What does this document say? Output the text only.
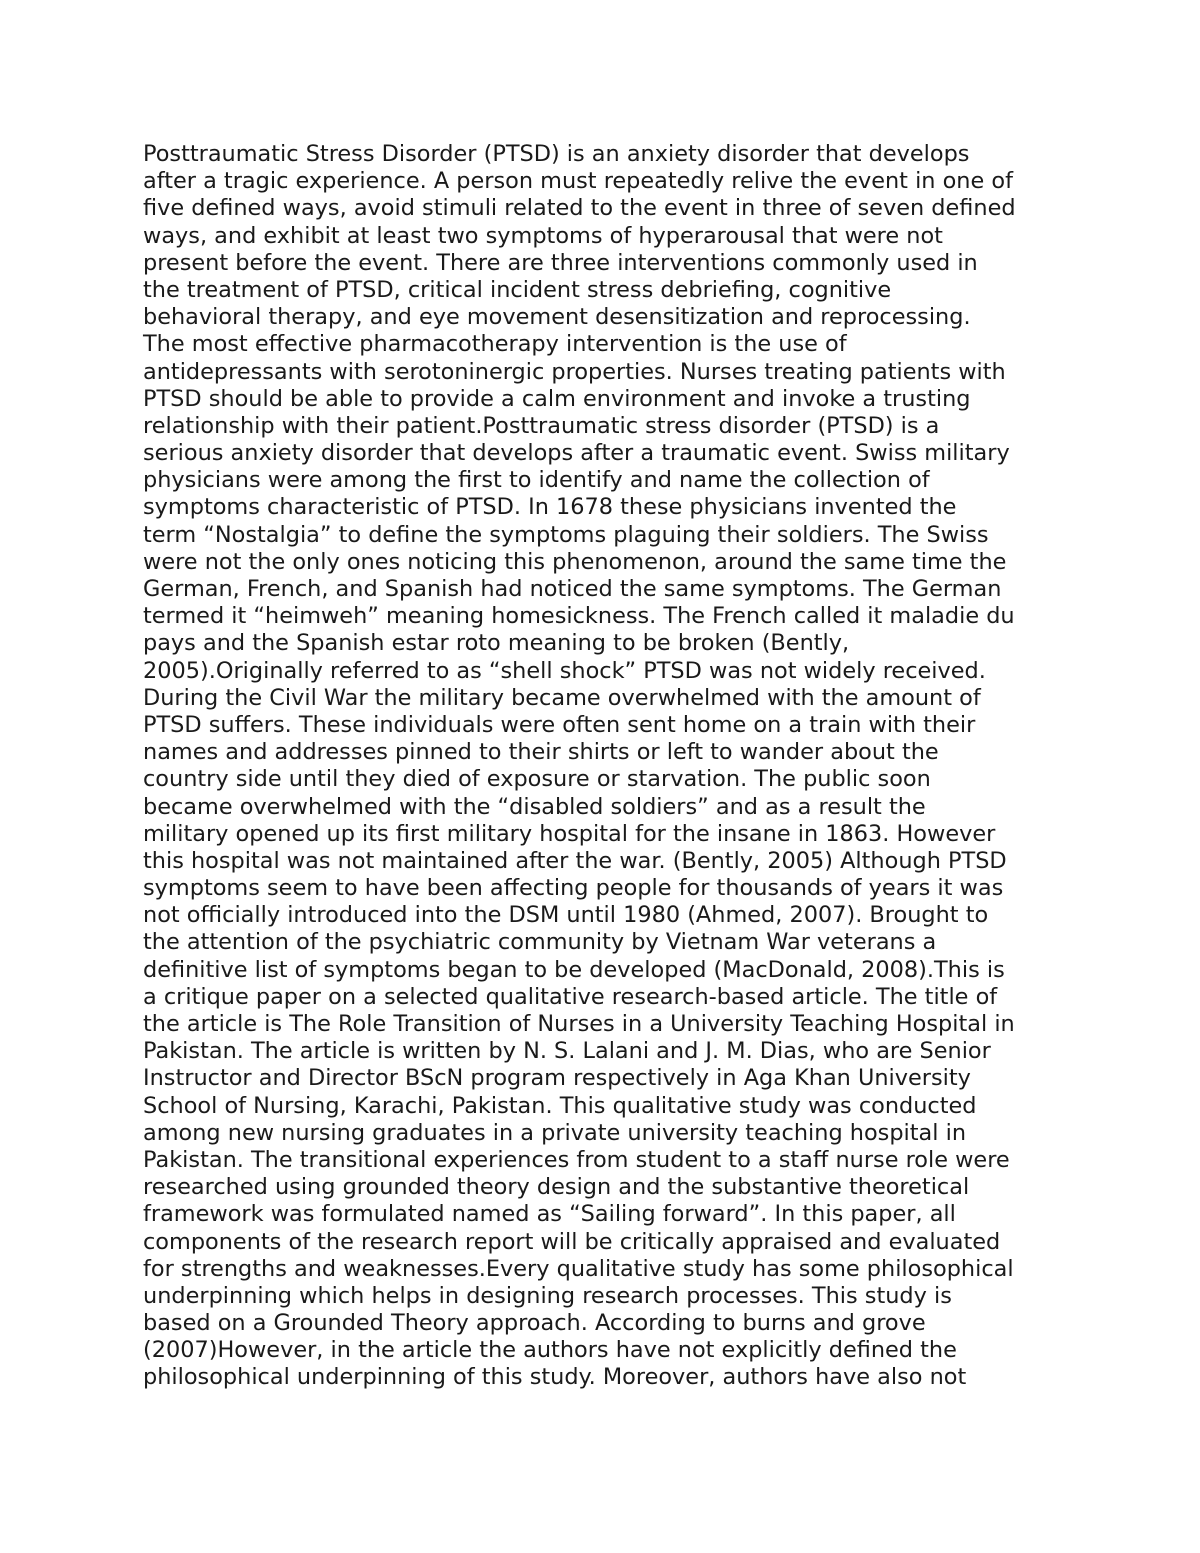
Posttraumatic Stress Disorder (PTSD) is an anxiety disorder that develops
after a tragic experience. A person must repeatedly relive the event in one of
five defined ways, avoid stimuli related to the event in three of seven defined
ways, and exhibit at least two symptoms of hyperarousal that were not
present before the event. There are three interventions commonly used in
the treatment of PTSD, critical incident stress debriefing, cognitive
behavioral therapy, and eye movement desensitization and reprocessing.
The most effective pharmacotherapy intervention is the use of
antidepressants with serotoninergic properties. Nurses treating patients with
PTSD should be able to provide a calm environment and invoke a trusting
relationship with their patient.Posttraumatic stress disorder (PTSD) is a
serious anxiety disorder that develops after a traumatic event. Swiss military
physicians were among the first to identify and name the collection of
symptoms characteristic of PTSD. In 1678 these physicians invented the
term “Nostalgia” to define the symptoms plaguing their soldiers. The Swiss
were not the only ones noticing this phenomenon, around the same time the
German, French, and Spanish had noticed the same symptoms. The German
termed it “heimweh” meaning homesickness. The French called it maladie du
pays and the Spanish estar roto meaning to be broken (Bently,
2005).Originally referred to as “shell shock” PTSD was not widely received.
During the Civil War the military became overwhelmed with the amount of
PTSD suffers. These individuals were often sent home on a train with their
names and addresses pinned to their shirts or left to wander about the
country side until they died of exposure or starvation. The public soon
became overwhelmed with the “disabled soldiers” and as a result the
military opened up its first military hospital for the insane in 1863. However
this hospital was not maintained after the war. (Bently, 2005) Although PTSD
symptoms seem to have been affecting people for thousands of years it was
not officially introduced into the DSM until 1980 (Ahmed, 2007). Brought to
the attention of the psychiatric community by Vietnam War veterans a
definitive list of symptoms began to be developed (MacDonald, 2008).This is
a critique paper on a selected qualitative research-based article. The title of
the article is The Role Transition of Nurses in a University Teaching Hospital in
Pakistan. The article is written by N. S. Lalani and J. M. Dias, who are Senior
Instructor and Director BScN program respectively in Aga Khan University
School of Nursing, Karachi, Pakistan. This qualitative study was conducted
among new nursing graduates in a private university teaching hospital in
Pakistan. The transitional experiences from student to a staff nurse role were
researched using grounded theory design and the substantive theoretical
framework was formulated named as “Sailing forward”. In this paper, all
components of the research report will be critically appraised and evaluated
for strengths and weaknesses.Every qualitative study has some philosophical
underpinning which helps in designing research processes. This study is
based on a Grounded Theory approach. According to burns and grove
(2007)However, in the article the authors have not explicitly defined the
philosophical underpinning of this study. Moreover, authors have also not
